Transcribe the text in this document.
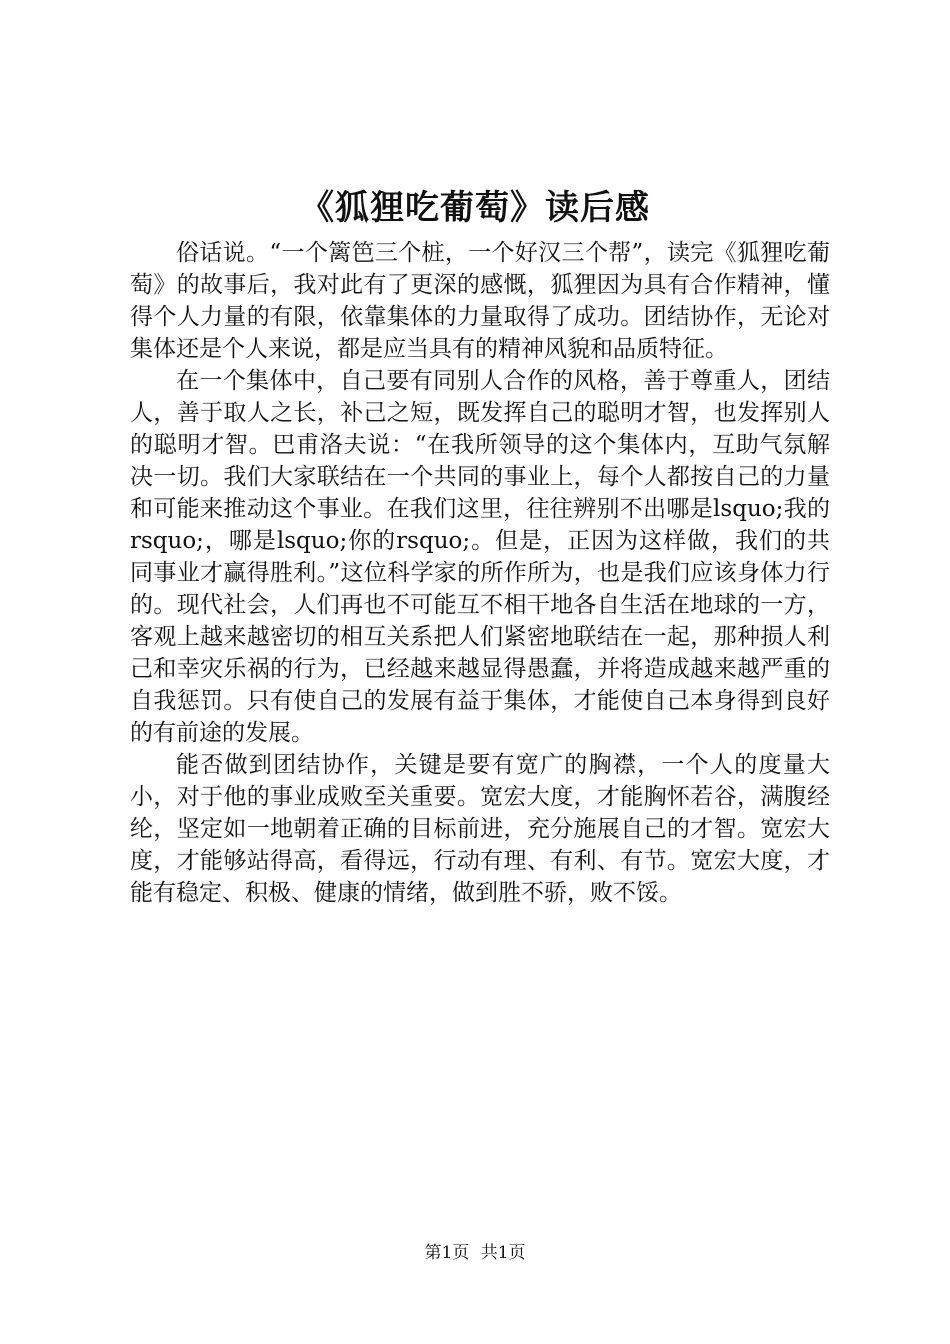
《狐狸吃葡萄》读后感

俗话说。“一个篱笆三个桩，一个好汉三个帮”，读完《狐狸吃葡萄》的故事后，我对此有了更深的感慨，狐狸因为具有合作精神，懂得个人力量的有限，依靠集体的力量取得了成功。团结协作，无论对集体还是个人来说，都是应当具有的精神风貌和品质特征。

在一个集体中，自己要有同别人合作的风格，善于尊重人，团结人，善于取人之长，补己之短，既发挥自己的聪明才智，也发挥别人的聪明才智。巴甫洛夫说：“在我所领导的这个集体内，互助气氛解决一切。我们大家联结在一个共同的事业上，每个人都按自己的力量和可能来推动这个事业。在我们这里，往往辨别不出哪是lsquo;我的rsquo;，哪是lsquo;你的rsquo;。但是，正因为这样做，我们的共同事业才赢得胜利。”这位科学家的所作所为，也是我们应该身体力行的。现代社会，人们再也不可能互不相干地各自生活在地球的一方，客观上越来越密切的相互关系把人们紧密地联结在一起，那种损人利己和幸灾乐祸的行为，已经越来越显得愚蠢，并将造成越来越严重的自我惩罚。只有使自己的发展有益于集体，才能使自己本身得到良好的有前途的发展。

能否做到团结协作，关键是要有宽广的胸襟，一个人的度量大小，对于他的事业成败至关重要。宽宏大度，才能胸怀若谷，满腹经纶，坚定如一地朝着正确的目标前进，充分施展自己的才智。宽宏大度，才能够站得高，看得远，行动有理、有利、有节。宽宏大度，才能有稳定、积极、健康的情绪，做到胜不骄，败不馁。

第1页 共1页
